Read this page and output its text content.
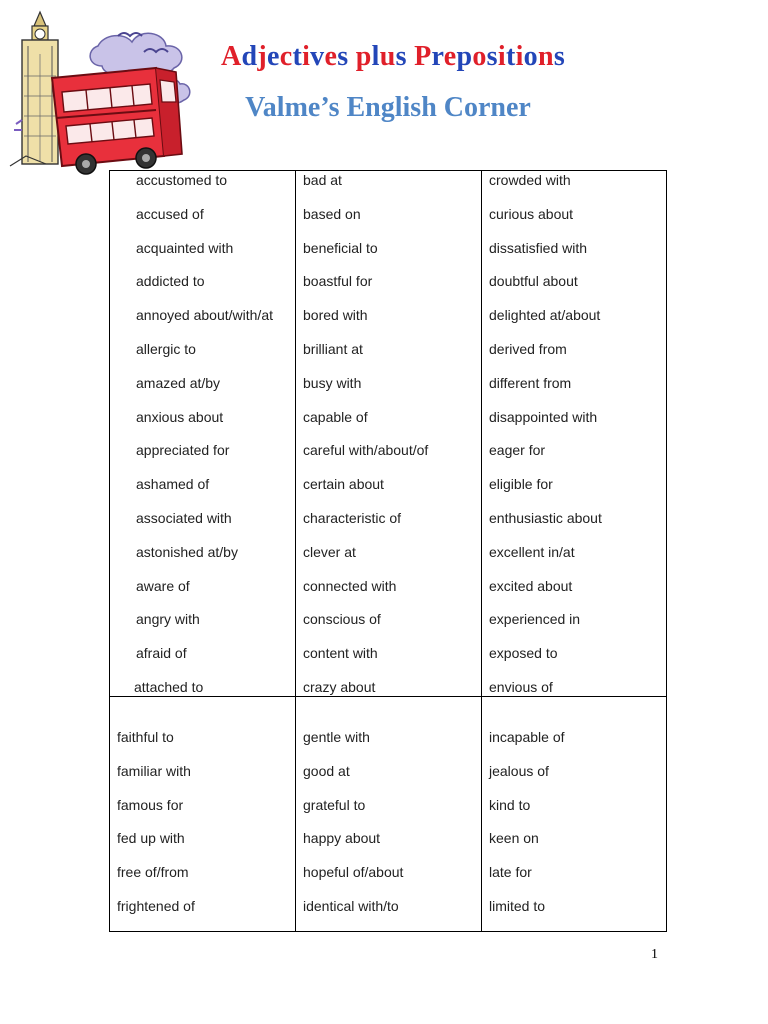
Adjectives plus Prepositions
Valme’s English Corner
accustomed to
accused of
acquainted with
addicted to
annoyed about/with/at
allergic to
amazed at/by
anxious about
appreciated for
ashamed of
associated with
astonished at/by
aware of
angry with
afraid of
attached to
bad at
based on
beneficial to
boastful for
bored with
brilliant at
busy with
capable of
careful with/about/of
certain about
characteristic of
clever at
connected with
conscious of
content with
crazy about
crowded with
curious about
dissatisfied with
doubtful about
delighted at/about
derived from
different from
disappointed with
eager for
eligible for
enthusiastic about
excellent in/at
excited about
experienced in
exposed to
envious of
faithful to
familiar with
famous for
fed up with
free of/from
frightened of
gentle with
good at
grateful to
happy about
hopeful of/about
identical with/to
incapable of
jealous of
kind to
keen on
late for
limited to
1
